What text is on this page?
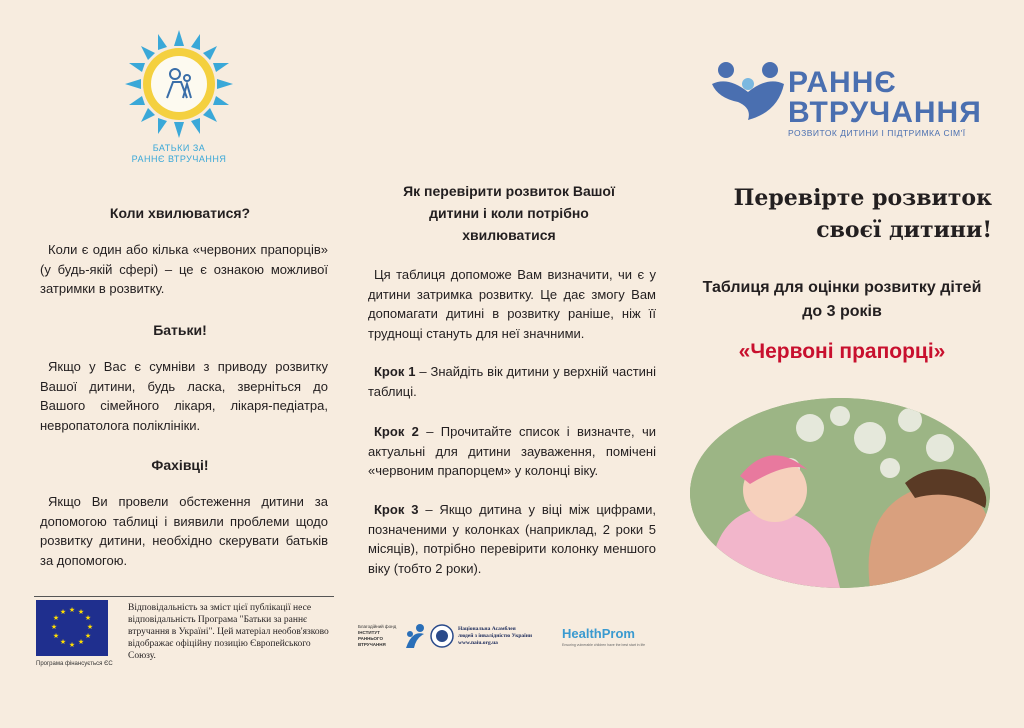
БАТЬКИ ЗА
РАННЄ ВТРУЧАННЯ
Коли хвилюватися?
Коли є один або кілька «червоних прапорців» (у будь-якій сфері) – це є ознакою можливої затримки в розвитку.
Батьки!
Якщо у Вас є сумніви з приводу розвитку Вашої дитини, будь ласка, зверніться до Вашого сімейного лікаря, лікаря-педіатра, невропатолога поліклініки.
Фахівці!
Якщо Ви провели обстеження дитини за допомогою таблиці і виявили проблеми щодо розвитку дитини, необхідно скерувати батьків за допомогою.
★ ★
★
★
★
★
★
★
★
★
★
★
Програма фінансується ЄС
Відповідальність за зміст цієї публікації несе відповідальність Програма "Батьки за раннє втручання в Україні". Цей матеріал необов'язково відображає офіційну позицію Європейського Союзу.
Як перевірити розвиток Вашої дитини і коли потрібно хвилюватися
Ця таблиця допоможе Вам визначити, чи є у дитини затримка розвитку. Це дає змогу Вам допомагати дитині в розвитку раніше, ніж її труднощі стануть для неї значними.
Крок 1 – Знайдіть вік дитини у верхній частині таблиці.
Крок 2 – Прочитайте список і визначте, чи актуальні для дитини зауваження, помічені «червоним прапорцем» у колонці віку.
Крок 3 – Якщо дитина у віці між цифрами, позначеними у колонках (наприклад, 2 роки 5 місяців), потрібно перевірити колонку меншого віку (тобто 2 роки).
Благодійний фонд
ІНСТИТУТ
РАННЬОГО
ВТРУЧАННЯ
Національна Асамблея
людей з інвалідністю України
www.naiu.org.ua
HealthProm
Ensuring vulnerable children have the best start in life
РАННЄ
ВТРУЧАННЯ
РОЗВИТОК ДИТИНИ І ПІДТРИМКА СІМ'Ї
Перевірте розвиток своєї дитини!
Таблиця для оцінки розвитку дітей до 3 років
«Червоні прапорці»
